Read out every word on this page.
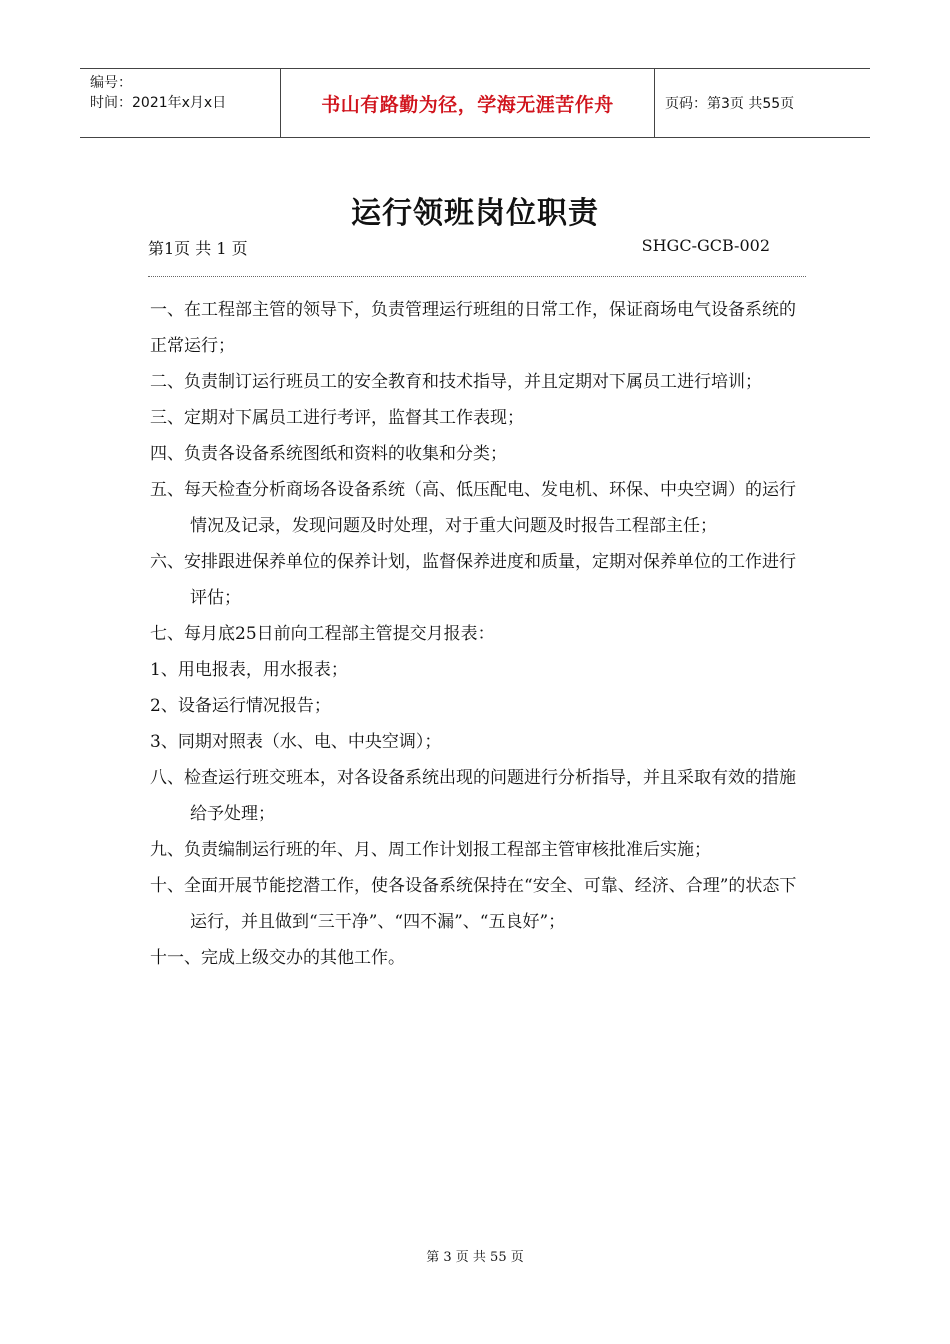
编号：
时间：2021年x月x日	书山有路勤为径，学海无涯苦作舟	页码：第3页 共55页
运行领班岗位职责
第1页 共 1 页	SHGC-GCB-002

一、在工程部主管的领导下，负责管理运行班组的日常工作，保证商场电气设备系统的正常运行；

二、负责制订运行班员工的安全教育和技术指导，并且定期对下属员工进行培训；

三、定期对下属员工进行考评，监督其工作表现；

四、负责各设备系统图纸和资料的收集和分类；

五、每天检查分析商场各设备系统（高、低压配电、发电机、环保、中央空调）的运行情况及记录，发现问题及时处理，对于重大问题及时报告工程部主任；

六、安排跟进保养单位的保养计划，监督保养进度和质量，定期对保养单位的工作进行评估；

七、每月底25日前向工程部主管提交月报表：

1、用电报表，用水报表；

2、设备运行情况报告；

3、同期对照表（水、电、中央空调）；

八、检查运行班交班本，对各设备系统出现的问题进行分析指导，并且采取有效的措施给予处理；

九、负责编制运行班的年、月、周工作计划报工程部主管审核批准后实施；

十、全面开展节能挖潜工作，使各设备系统保持在“安全、可靠、经济、合理”的状态下运行，并且做到“三干净”、“四不漏”、“五良好”；

十一、完成上级交办的其他工作。

第 3 页 共 55 页
